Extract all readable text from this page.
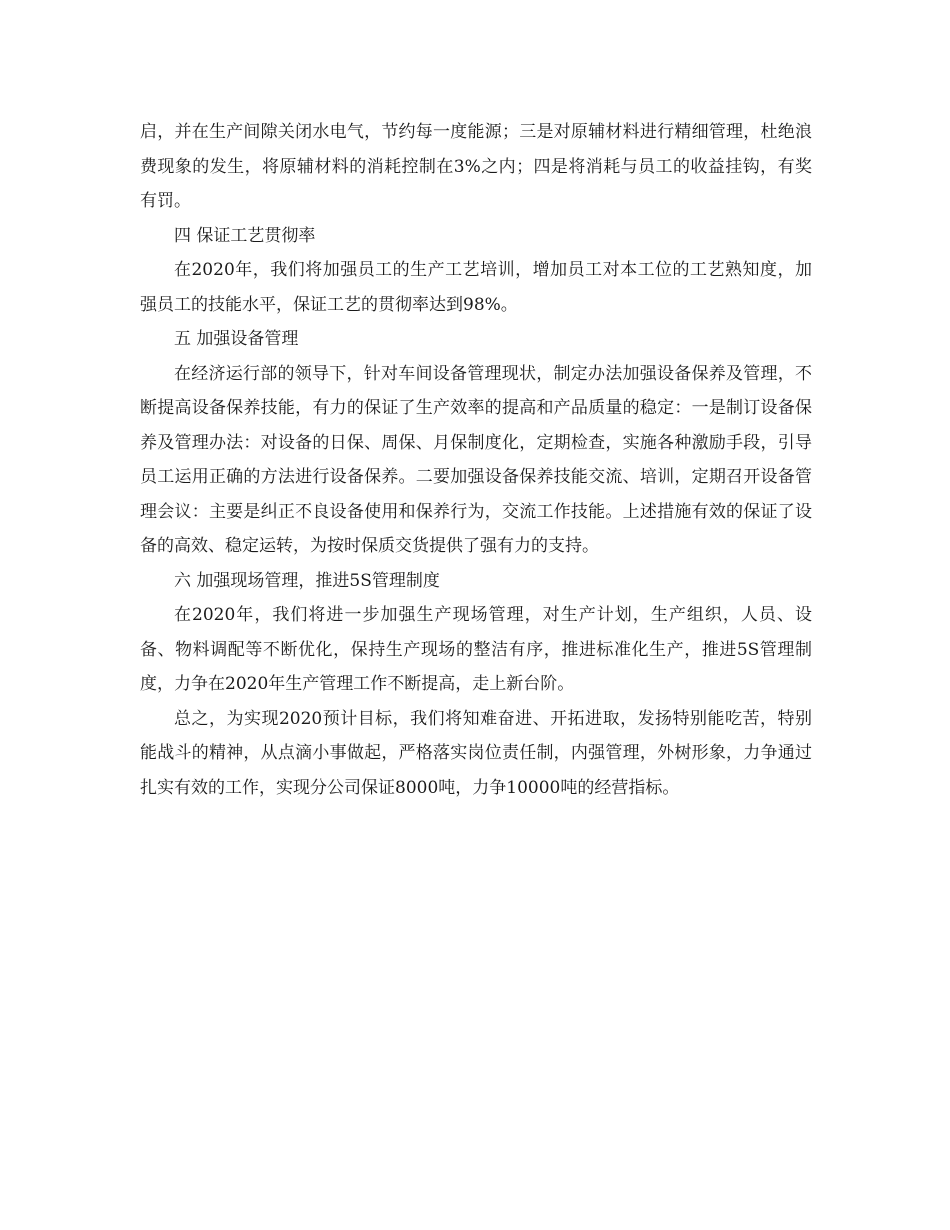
启，并在生产间隙关闭水电气，节约每一度能源；三是对原辅材料进行精细管理，杜绝浪费现象的发生，将原辅材料的消耗控制在3%之内；四是将消耗与员工的收益挂钩，有奖有罚。

四 保证工艺贯彻率

在2020年，我们将加强员工的生产工艺培训，增加员工对本工位的工艺熟知度，加强员工的技能水平，保证工艺的贯彻率达到98%。

五 加强设备管理

在经济运行部的领导下，针对车间设备管理现状，制定办法加强设备保养及管理，不断提高设备保养技能，有力的保证了生产效率的提高和产品质量的稳定：一是制订设备保养及管理办法：对设备的日保、周保、月保制度化，定期检查，实施各种激励手段，引导员工运用正确的方法进行设备保养。二要加强设备保养技能交流、培训，定期召开设备管理会议：主要是纠正不良设备使用和保养行为，交流工作技能。上述措施有效的保证了设备的高效、稳定运转，为按时保质交货提供了强有力的支持。

六 加强现场管理，推进5S管理制度

在2020年，我们将进一步加强生产现场管理，对生产计划，生产组织，人员、设备、物料调配等不断优化，保持生产现场的整洁有序，推进标准化生产，推进5S管理制度，力争在2020年生产管理工作不断提高，走上新台阶。

总之，为实现2020预计目标，我们将知难奋进、开拓进取，发扬特别能吃苦，特别能战斗的精神，从点滴小事做起，严格落实岗位责任制，内强管理，外树形象，力争通过扎实有效的工作，实现分公司保证8000吨，力争10000吨的经营指标。
